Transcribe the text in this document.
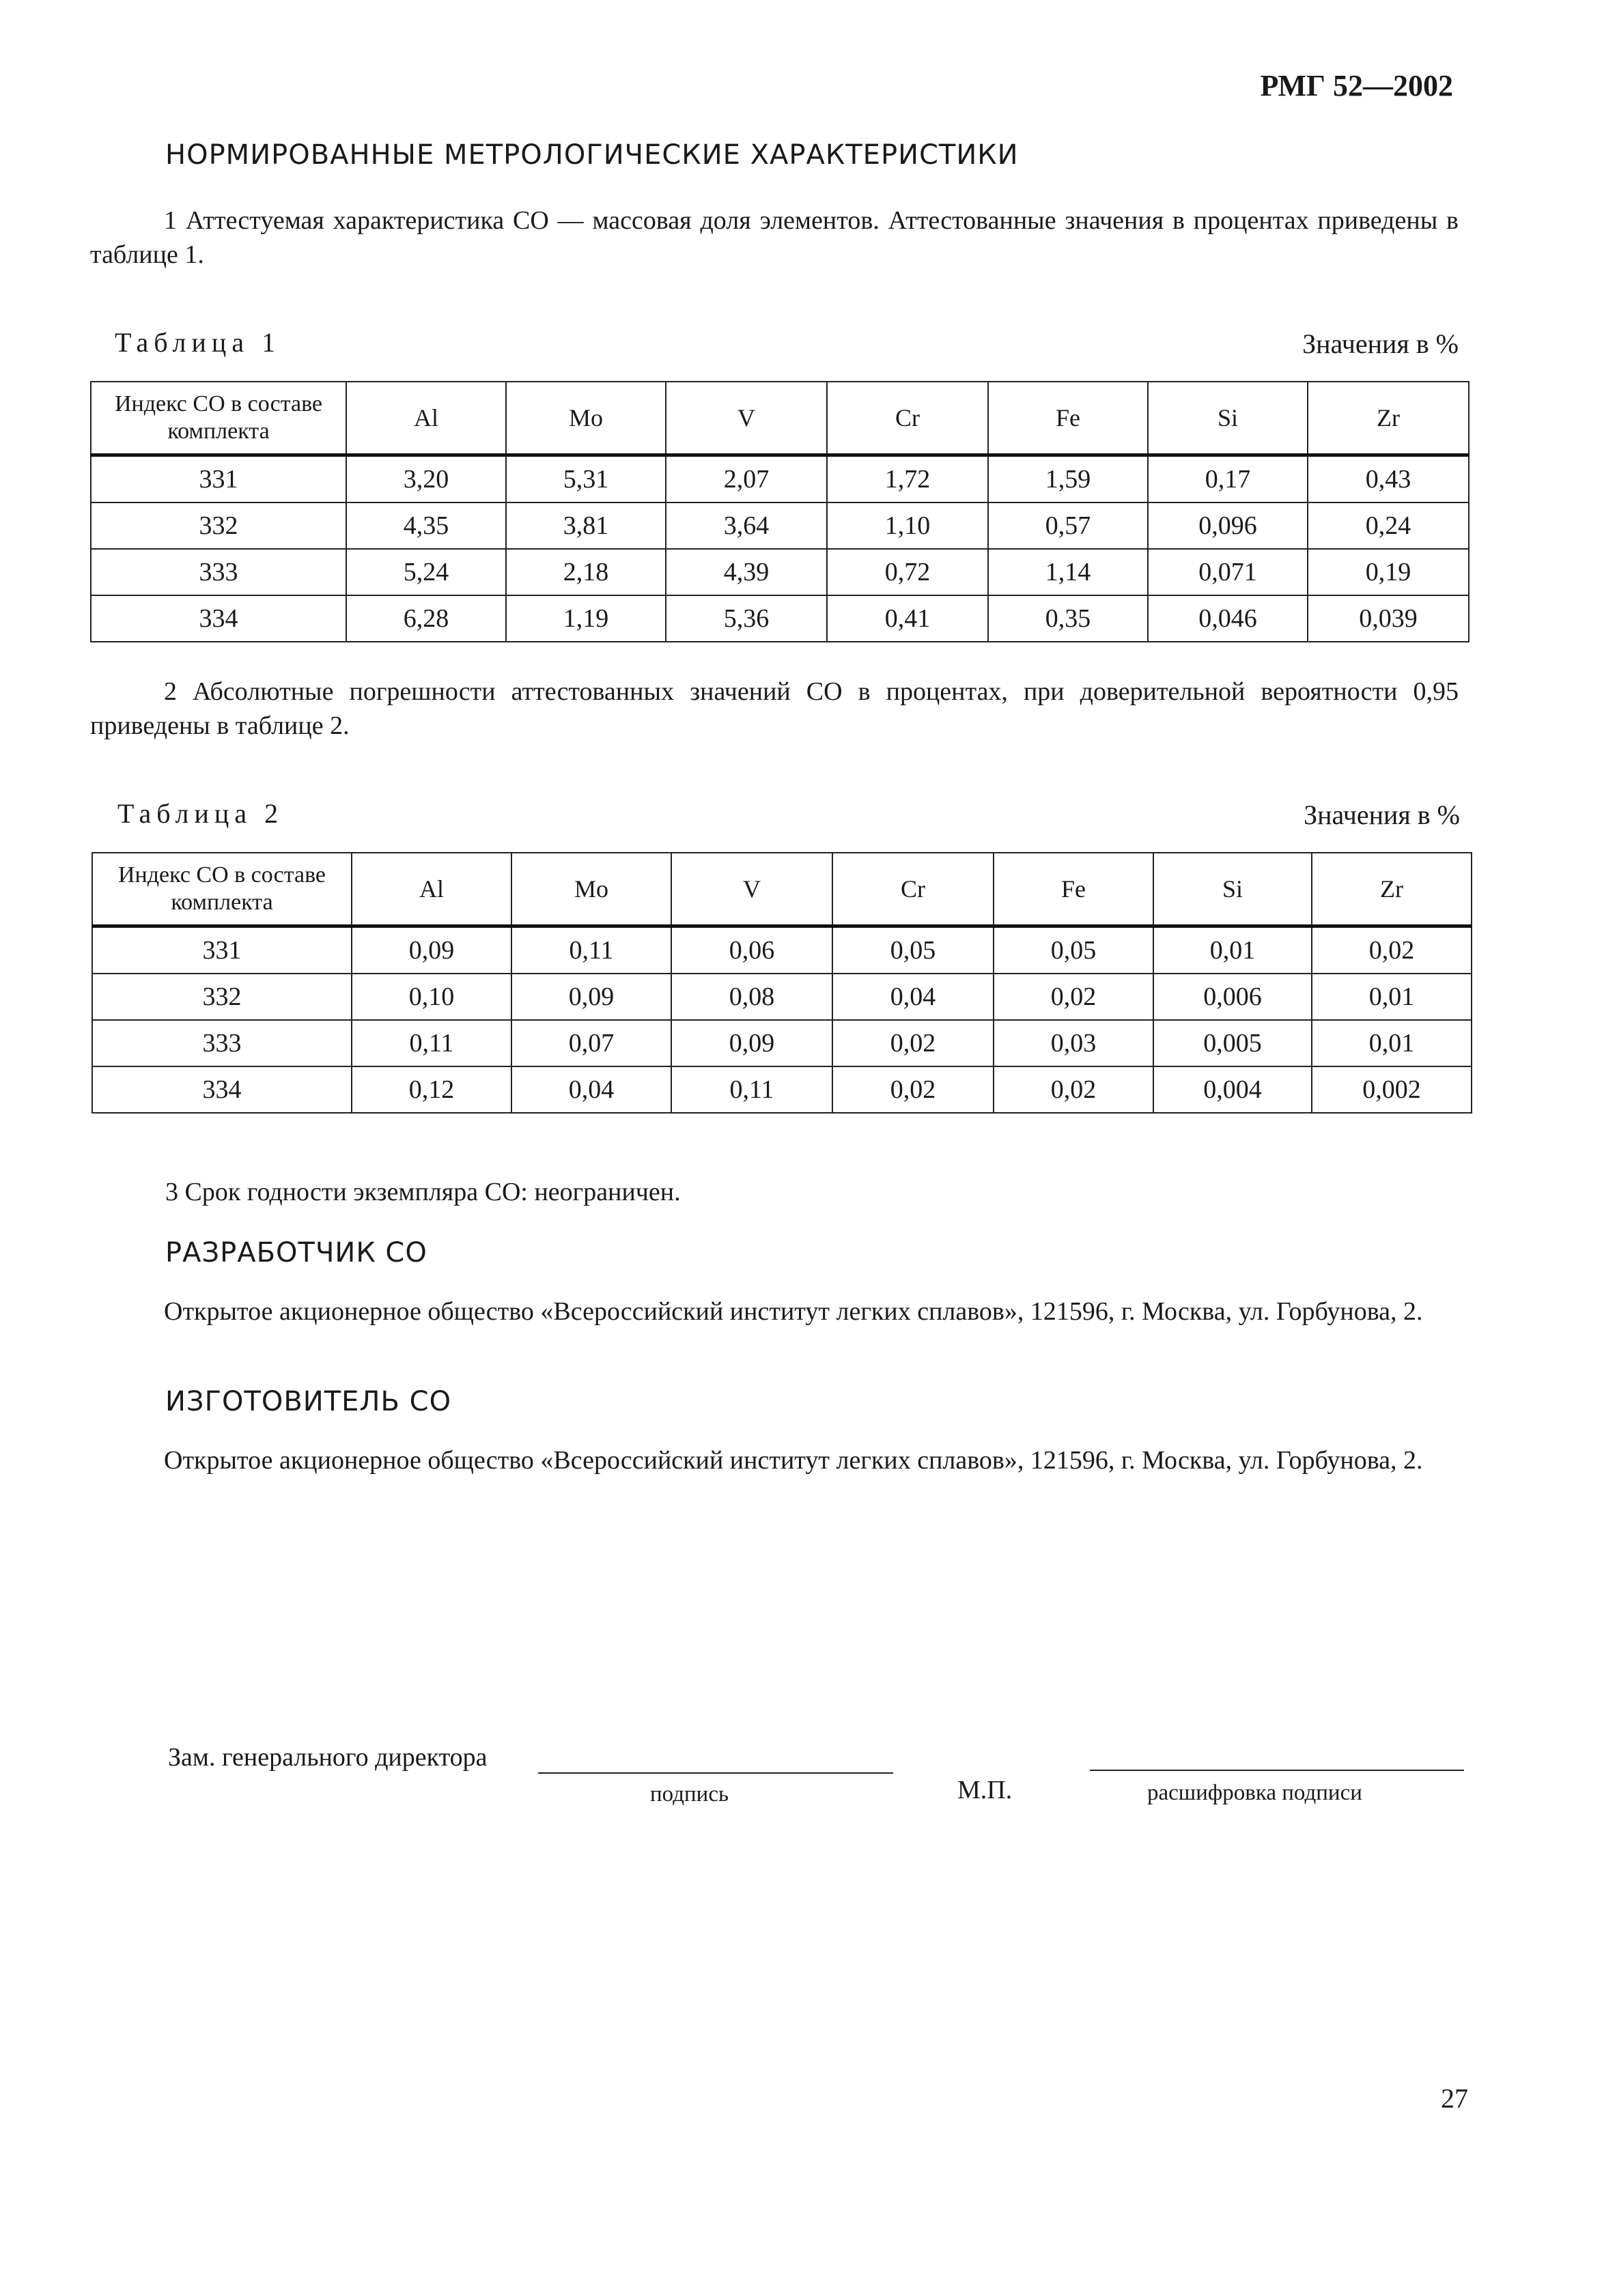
РМГ 52—2002
НОРМИРОВАННЫЕ МЕТРОЛОГИЧЕСКИЕ ХАРАКТЕРИСТИКИ
1 Аттестуемая характеристика СО — массовая доля элементов. Аттестованные значения в процентах приведены в таблице 1.
Таблица 1	Значения в %
Индекс СО в составе комплекта	Al	Mo	V	Cr	Fe	Si	Zr
331	3,20	5,31	2,07	1,72	1,59	0,17	0,43
332	4,35	3,81	3,64	1,10	0,57	0,096	0,24
333	5,24	2,18	4,39	0,72	1,14	0,071	0,19
334	6,28	1,19	5,36	0,41	0,35	0,046	0,039
2 Абсолютные погрешности аттестованных значений СО в процентах, при доверительной вероятности 0,95 приведены в таблице 2.
Таблица 2	Значения в %
Индекс СО в составе комплекта	Al	Mo	V	Cr	Fe	Si	Zr
331	0,09	0,11	0,06	0,05	0,05	0,01	0,02
332	0,10	0,09	0,08	0,04	0,02	0,006	0,01
333	0,11	0,07	0,09	0,02	0,03	0,005	0,01
334	0,12	0,04	0,11	0,02	0,02	0,004	0,002
3 Срок годности экземпляра СО: неограничен.
РАЗРАБОТЧИК СО
Открытое акционерное общество «Всероссийский институт легких сплавов», 121596, г. Москва, ул. Горбунова, 2.
ИЗГОТОВИТЕЛЬ СО
Открытое акционерное общество «Всероссийский институт легких сплавов», 121596, г. Москва, ул. Горбунова, 2.
Зам. генерального директора
подпись	М.П.	расшифровка подписи
27
